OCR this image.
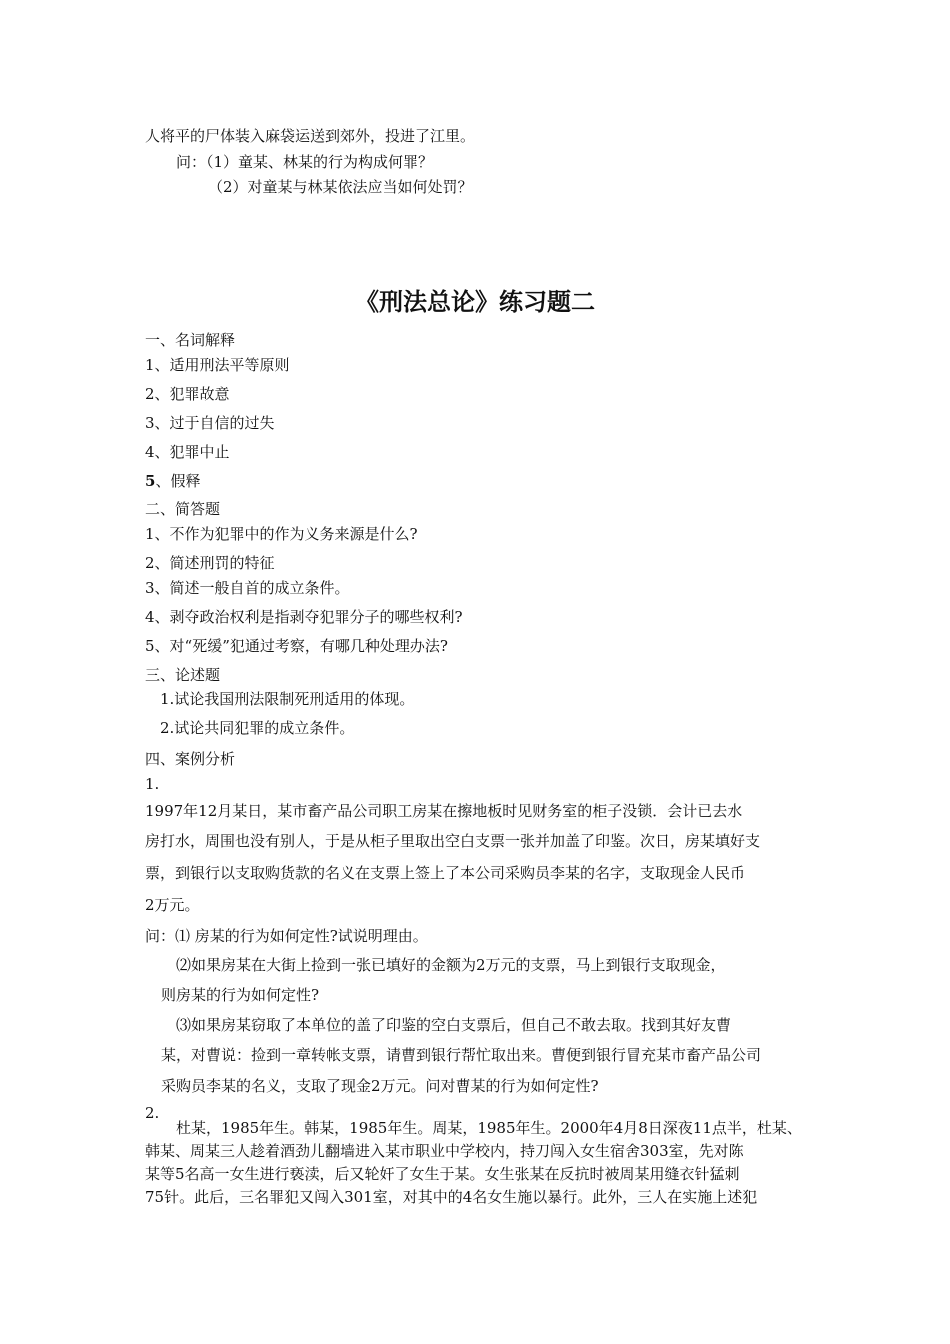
人将平的尸体装入麻袋运送到郊外，投进了江里。
问：（1）童某、林某的行为构成何罪？
（2）对童某与林某依法应当如何处罚？
《刑法总论》练习题二
一、名词解释
1、适用刑法平等原则
2、犯罪故意
3、过于自信的过失
4、犯罪中止
5、假释
二、简答题
1、不作为犯罪中的作为义务来源是什么?
2、简述刑罚的特征
3、简述一般自首的成立条件。
4、剥夺政治权利是指剥夺犯罪分子的哪些权利?
5、对“死缓”犯通过考察，有哪几种处理办法?
三、论述题
1.试论我国刑法限制死刑适用的体现。
2.试论共同犯罪的成立条件。
四、案例分析
1.
1997年12月某日，某市畜产品公司职工房某在擦地板时见财务室的柜子没锁．会计已去水
房打水，周围也没有别人，于是从柜子里取出空白支票一张并加盖了印鉴。次日，房某填好支
票，到银行以支取购货款的名义在支票上签上了本公司采购员李某的名字，支取现金人民币
2万元。
问：⑴ 房某的行为如何定性?试说明理由。
⑵如果房某在大街上捡到一张已填好的金额为2万元的支票，马上到银行支取现金，
则房某的行为如何定性?
⑶如果房某窃取了本单位的盖了印鉴的空白支票后，但自己不敢去取。找到其好友曹
某，对曹说：捡到一章转帐支票，请曹到银行帮忙取出来。曹便到银行冒充某市畜产品公司
采购员李某的名义，支取了现金2万元。问对曹某的行为如何定性?
2.
杜某，1985年生。韩某，1985年生。周某，1985年生。2000年4月8日深夜11点半，杜某、
韩某、周某三人趁着酒劲儿翻墙进入某市职业中学校内，持刀闯入女生宿舍303室，先对陈
某等5名高一女生进行亵渎，后又轮奸了女生于某。女生张某在反抗时被周某用缝衣针猛刺
75针。此后，三名罪犯又闯入301室，对其中的4名女生施以暴行。此外，三人在实施上述犯
